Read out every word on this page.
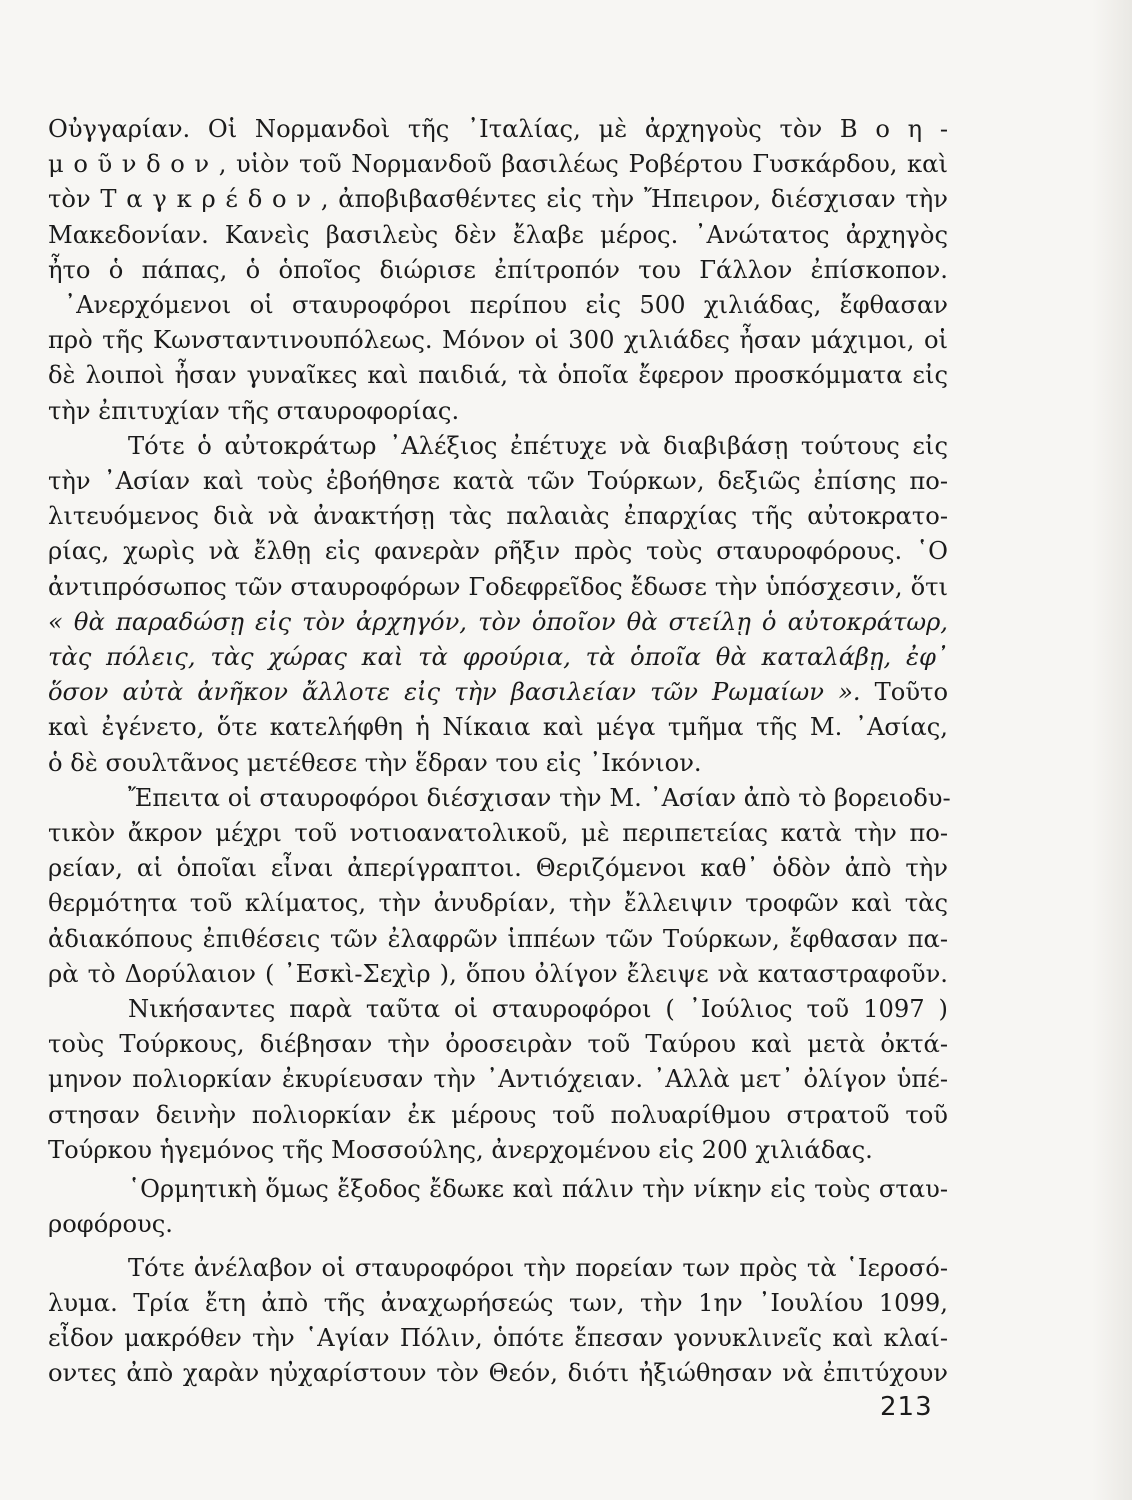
Οὐγγαρίαν. Οἱ Νορμανδοὶ τῆς ᾿Ιταλίας, μὲ ἀρχηγοὺς τὸν Β ο η -
μ ο ῦ ν δ ο ν , υἱὸν τοῦ Νορμανδοῦ βασιλέως Ροβέρτου Γυσκάρδου, καὶ
τὸν Τ α γ κ ρ έ δ ο ν , ἀποβιβασθέντες εἰς τὴν Ἤπειρον, διέσχισαν τὴν
Μακεδονίαν. Κανεὶς βασιλεὺς δὲν ἔλαβε μέρος. ᾿Ανώτατος ἀρχηγὸς
ἦτο ὁ πάπας, ὁ ὁποῖος διώρισε ἐπίτροπόν του Γάλλον ἐπίσκοπον.
᾿Ανερχόμενοι οἱ σταυροφόροι περίπου εἰς 500 χιλιάδας, ἔφθασαν
πρὸ τῆς Κωνσταντινουπόλεως. Μόνον οἱ 300 χιλιάδες ἦσαν μάχιμοι, οἱ
δὲ λοιποὶ ἦσαν γυναῖκες καὶ παιδιά, τὰ ὁποῖα ἔφερον προσκόμματα εἰς
τὴν ἐπιτυχίαν τῆς σταυροφορίας.

Τότε ὁ αὐτοκράτωρ ᾿Αλέξιος ἐπέτυχε νὰ διαβιβάσῃ τούτους εἰς
τὴν ᾿Ασίαν καὶ τοὺς ἐβοήθησε κατὰ τῶν Τούρκων, δεξιῶς ἐπίσης πο-
λιτευόμενος διὰ νὰ ἀνακτήσῃ τὰς παλαιὰς ἐπαρχίας τῆς αὐτοκρατο-
ρίας, χωρὶς νὰ ἔλθῃ εἰς φανερὰν ρῆξιν πρὸς τοὺς σταυροφόρους. ῾Ο
ἀντιπρόσωπος τῶν σταυροφόρων Γοδεφρεῖδος ἔδωσε τὴν ὑπόσχεσιν, ὅτι
« θὰ παραδώσῃ εἰς τὸν ἀρχηγόν, τὸν ὁποῖον θὰ στείλῃ ὁ αὐτοκράτωρ,
τὰς πόλεις, τὰς χώρας καὶ τὰ φρούρια, τὰ ὁποῖα θὰ καταλάβῃ, ἐφ᾿
ὅσον αὐτὰ ἀνῆκον ἄλλοτε εἰς τὴν βασιλείαν τῶν Ρωμαίων ». Τοῦτο
καὶ ἐγένετο, ὅτε κατελήφθη ἡ Νίκαια καὶ μέγα τμῆμα τῆς Μ. ᾿Ασίας,
ὁ δὲ σουλτᾶνος μετέθεσε τὴν ἕδραν του εἰς ᾿Ικόνιον.

Ἔπειτα οἱ σταυροφόροι διέσχισαν τὴν Μ. ᾿Ασίαν ἀπὸ τὸ βορειοδυ-
τικὸν ἄκρον μέχρι τοῦ νοτιοανατολικοῦ, μὲ περιπετείας κατὰ τὴν πο-
ρείαν, αἱ ὁποῖαι εἶναι ἀπερίγραπτοι. Θεριζόμενοι καθ᾿ ὁδὸν ἀπὸ τὴν
θερμότητα τοῦ κλίματος, τὴν ἀνυδρίαν, τὴν ἔλλειψιν τροφῶν καὶ τὰς
ἀδιακόπους ἐπιθέσεις τῶν ἐλαφρῶν ἱππέων τῶν Τούρκων, ἔφθασαν πα-
ρὰ τὸ Δορύλαιον ( ᾿Εσκὶ-Σεχὶρ ), ὅπου ὀλίγον ἔλειψε νὰ καταστραφοῦν.

Νικήσαντες παρὰ ταῦτα οἱ σταυροφόροι ( ᾿Ιούλιος τοῦ 1097 )
τοὺς Τούρκους, διέβησαν τὴν ὀροσειρὰν τοῦ Ταύρου καὶ μετὰ ὀκτά-
μηνον πολιορκίαν ἐκυρίευσαν τὴν ᾿Αντιόχειαν. ᾿Αλλὰ μετ᾿ ὀλίγον ὑπέ-
στησαν δεινὴν πολιορκίαν ἐκ μέρους τοῦ πολυαρίθμου στρατοῦ τοῦ
Τούρκου ἡγεμόνος τῆς Μοσσούλης, ἀνερχομένου εἰς 200 χιλιάδας.

῾Ορμητικὴ ὅμως ἔξοδος ἔδωκε καὶ πάλιν τὴν νίκην εἰς τοὺς σταυ-
ροφόρους.

Τότε ἀνέλαβον οἱ σταυροφόροι τὴν πορείαν των πρὸς τὰ ῾Ιεροσό-
λυμα. Τρία ἔτη ἀπὸ τῆς ἀναχωρήσεώς των, τὴν 1ην ᾿Ιουλίου 1099,
εἶδον μακρόθεν τὴν ῾Αγίαν Πόλιν, ὁπότε ἔπεσαν γονυκλινεῖς καὶ κλαί-
οντες ἀπὸ χαρὰν ηὐχαρίστουν τὸν Θεόν, διότι ἠξιώθησαν νὰ ἐπιτύχουν

213
